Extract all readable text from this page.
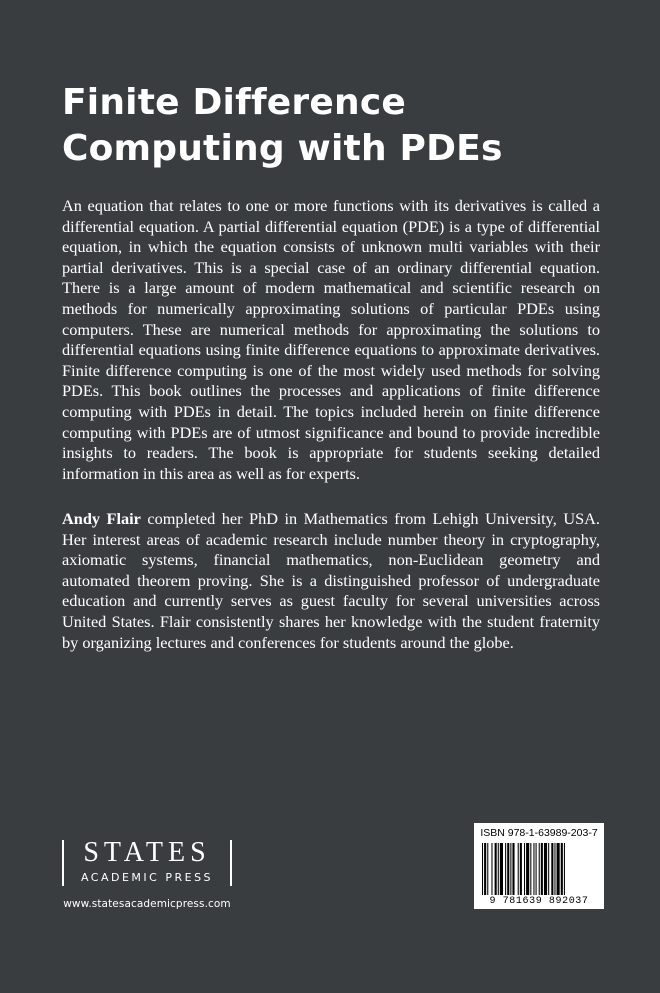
Finite Difference Computing with PDEs

An equation that relates to one or more functions with its derivatives is called a differential equation. A partial differential equation (PDE) is a type of differential equation, in which the equation consists of unknown multi variables with their partial derivatives. This is a special case of an ordinary differential equation. There is a large amount of modern mathematical and scientific research on methods for numerically approximating solutions of particular PDEs using computers. These are numerical methods for approximating the solutions to differential equations using finite difference equations to approximate derivatives. Finite difference computing is one of the most widely used methods for solving PDEs. This book outlines the processes and applications of finite difference computing with PDEs in detail. The topics included herein on finite difference computing with PDEs are of utmost significance and bound to provide incredible insights to readers. The book is appropriate for students seeking detailed information in this area as well as for experts.

Andy Flair completed her PhD in Mathematics from Lehigh University, USA. Her interest areas of academic research include number theory in cryptography, axiomatic systems, financial mathematics, non-Euclidean geometry and automated theorem proving. She is a distinguished professor of undergraduate education and currently serves as guest faculty for several universities across United States. Flair consistently shares her knowledge with the student fraternity by organizing lectures and conferences for students around the globe.

STATES
ACADEMIC PRESS
www.statesacademicpress.com
ISBN 978-1-63989-203-7
9 781639 892037
